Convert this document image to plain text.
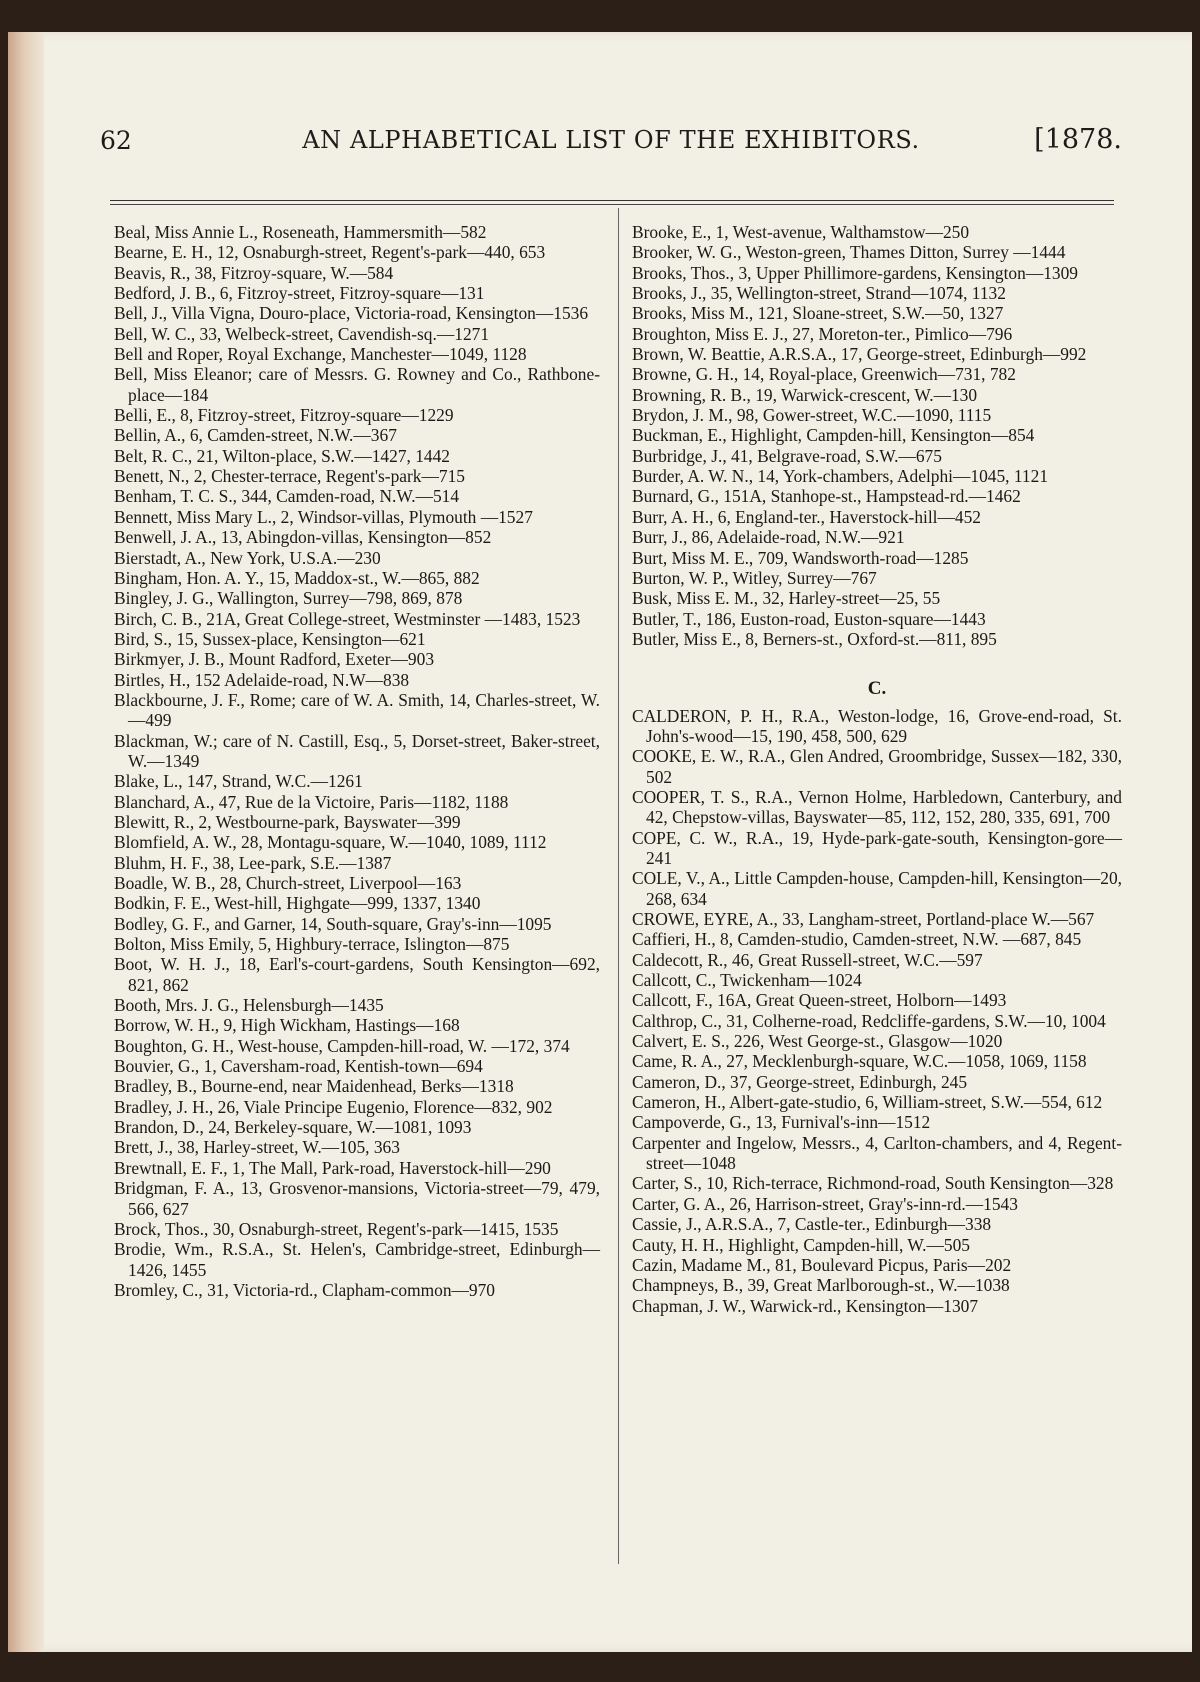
62	AN ALPHABETICAL LIST OF THE EXHIBITORS.	[1878.
Beal, Miss Annie L., Roseneath, Hammersmith—582
Bearne, E. H., 12, Osnaburgh-street, Regent's-park—440, 653
Beavis, R., 38, Fitzroy-square, W.—584
Bedford, J. B., 6, Fitzroy-street, Fitzroy-square—131
Bell, J., Villa Vigna, Douro-place, Victoria-road, Kensington—1536
Bell, W. C., 33, Welbeck-street, Cavendish-sq.—1271
Bell and Roper, Royal Exchange, Manchester—1049, 1128
Bell, Miss Eleanor; care of Messrs. G. Rowney and Co., Rathbone-place—184
Belli, E., 8, Fitzroy-street, Fitzroy-square—1229
Bellin, A., 6, Camden-street, N.W.—367
Belt, R. C., 21, Wilton-place, S.W.—1427, 1442
Benett, N., 2, Chester-terrace, Regent's-park—715
Benham, T. C. S., 344, Camden-road, N.W.—514
Bennett, Miss Mary L., 2, Windsor-villas, Plymouth —1527
Benwell, J. A., 13, Abingdon-villas, Kensington—852
Bierstadt, A., New York, U.S.A.—230
Bingham, Hon. A. Y., 15, Maddox-st., W.—865, 882
Bingley, J. G., Wallington, Surrey—798, 869, 878
Birch, C. B., 21A, Great College-street, Westminster —1483, 1523
Bird, S., 15, Sussex-place, Kensington—621
Birkmyer, J. B., Mount Radford, Exeter—903
Birtles, H., 152 Adelaide-road, N.W—838
Blackbourne, J. F., Rome; care of W. A. Smith, 14, Charles-street, W.—499
Blackman, W.; care of N. Castill, Esq., 5, Dorset-street, Baker-street, W.—1349
Blake, L., 147, Strand, W.C.—1261
Blanchard, A., 47, Rue de la Victoire, Paris—1182, 1188
Blewitt, R., 2, Westbourne-park, Bayswater—399
Blomfield, A. W., 28, Montagu-square, W.—1040, 1089, 1112
Bluhm, H. F., 38, Lee-park, S.E.—1387
Boadle, W. B., 28, Church-street, Liverpool—163
Bodkin, F. E., West-hill, Highgate—999, 1337, 1340
Bodley, G. F., and Garner, 14, South-square, Gray's-inn—1095
Bolton, Miss Emily, 5, Highbury-terrace, Islington—875
Boot, W. H. J., 18, Earl's-court-gardens, South Kensington—692, 821, 862
Booth, Mrs. J. G., Helensburgh—1435
Borrow, W. H., 9, High Wickham, Hastings—168
Boughton, G. H., West-house, Campden-hill-road, W. —172, 374
Bouvier, G., 1, Caversham-road, Kentish-town—694
Bradley, B., Bourne-end, near Maidenhead, Berks—1318
Bradley, J. H., 26, Viale Principe Eugenio, Florence—832, 902
Brandon, D., 24, Berkeley-square, W.—1081, 1093
Brett, J., 38, Harley-street, W.—105, 363
Brewtnall, E. F., 1, The Mall, Park-road, Haverstock-hill—290
Bridgman, F. A., 13, Grosvenor-mansions, Victoria-street—79, 479, 566, 627
Brock, Thos., 30, Osnaburgh-street, Regent's-park—1415, 1535
Brodie, Wm., R.S.A., St. Helen's, Cambridge-street, Edinburgh—1426, 1455
Bromley, C., 31, Victoria-rd., Clapham-common—970
Brooke, E., 1, West-avenue, Walthamstow—250
Brooker, W. G., Weston-green, Thames Ditton, Surrey —1444
Brooks, Thos., 3, Upper Phillimore-gardens, Kensington—1309
Brooks, J., 35, Wellington-street, Strand—1074, 1132
Brooks, Miss M., 121, Sloane-street, S.W.—50, 1327
Broughton, Miss E. J., 27, Moreton-ter., Pimlico—796
Brown, W. Beattie, A.R.S.A., 17, George-street, Edinburgh—992
Browne, G. H., 14, Royal-place, Greenwich—731, 782
Browning, R. B., 19, Warwick-crescent, W.—130
Brydon, J. M., 98, Gower-street, W.C.—1090, 1115
Buckman, E., Highlight, Campden-hill, Kensington—854
Burbridge, J., 41, Belgrave-road, S.W.—675
Burder, A. W. N., 14, York-chambers, Adelphi—1045, 1121
Burnard, G., 151A, Stanhope-st., Hampstead-rd.—1462
Burr, A. H., 6, England-ter., Haverstock-hill—452
Burr, J., 86, Adelaide-road, N.W.—921
Burt, Miss M. E., 709, Wandsworth-road—1285
Burton, W. P., Witley, Surrey—767
Busk, Miss E. M., 32, Harley-street—25, 55
Butler, T., 186, Euston-road, Euston-square—1443
Butler, Miss E., 8, Berners-st., Oxford-st.—811, 895
C.
CALDERON, P. H., R.A., Weston-lodge, 16, Grove-end-road, St. John's-wood—15, 190, 458, 500, 629
COOKE, E. W., R.A., Glen Andred, Groombridge, Sussex—182, 330, 502
COOPER, T. S., R.A., Vernon Holme, Harbledown, Canterbury, and 42, Chepstow-villas, Bayswater—85, 112, 152, 280, 335, 691, 700
COPE, C. W., R.A., 19, Hyde-park-gate-south, Kensington-gore—241
COLE, V., A., Little Campden-house, Campden-hill, Kensington—20, 268, 634
CROWE, EYRE, A., 33, Langham-street, Portland-place W.—567
Caffieri, H., 8, Camden-studio, Camden-street, N.W. —687, 845
Caldecott, R., 46, Great Russell-street, W.C.—597
Callcott, C., Twickenham—1024
Callcott, F., 16A, Great Queen-street, Holborn—1493
Calthrop, C., 31, Colherne-road, Redcliffe-gardens, S.W.—10, 1004
Calvert, E. S., 226, West George-st., Glasgow—1020
Came, R. A., 27, Mecklenburgh-square, W.C.—1058, 1069, 1158
Cameron, D., 37, George-street, Edinburgh, 245
Cameron, H., Albert-gate-studio, 6, William-street, S.W.—554, 612
Campoverde, G., 13, Furnival's-inn—1512
Carpenter and Ingelow, Messrs., 4, Carlton-chambers, and 4, Regent-street—1048
Carter, S., 10, Rich-terrace, Richmond-road, South Kensington—328
Carter, G. A., 26, Harrison-street, Gray's-inn-rd.—1543
Cassie, J., A.R.S.A., 7, Castle-ter., Edinburgh—338
Cauty, H. H., Highlight, Campden-hill, W.—505
Cazin, Madame M., 81, Boulevard Picpus, Paris—202
Champneys, B., 39, Great Marlborough-st., W.—1038
Chapman, J. W., Warwick-rd., Kensington—1307
